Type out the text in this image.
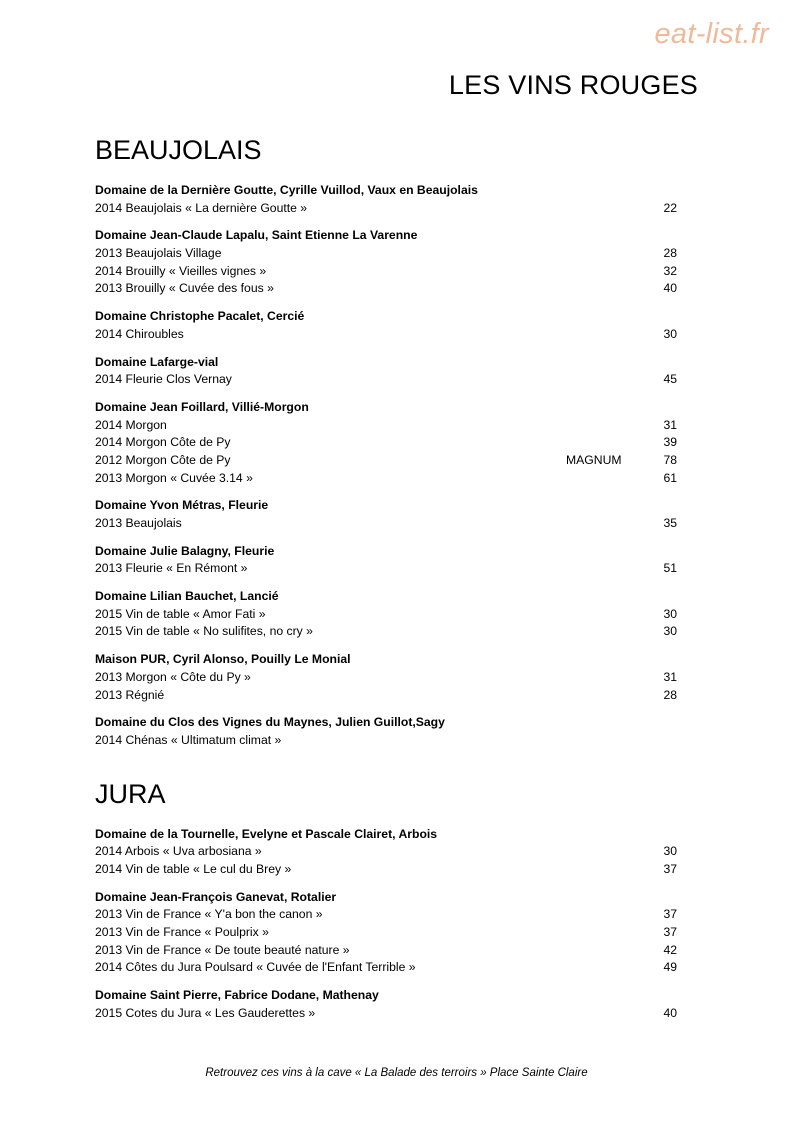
eat-list.fr
LES VINS ROUGES
BEAUJOLAIS
Domaine de la Dernière Goutte, Cyrille Vuillod, Vaux en Beaujolais
2014 Beaujolais « La dernière Goutte »	22
Domaine Jean-Claude Lapalu, Saint Etienne La Varenne
2013 Beaujolais Village	28
2014 Brouilly « Vieilles vignes »	32
2013 Brouilly « Cuvée des fous »	40
Domaine Christophe Pacalet, Cercié
2014 Chiroubles	30
Domaine Lafarge-vial
2014 Fleurie Clos Vernay	45
Domaine Jean Foillard, Villié-Morgon
2014 Morgon	31
2014 Morgon Côte de Py	39
2012 Morgon Côte de Py	MAGNUM	78
2013 Morgon « Cuvée 3.14 »	61
Domaine Yvon Métras, Fleurie
2013 Beaujolais	35
Domaine Julie Balagny, Fleurie
2013 Fleurie « En Rémont »	51
Domaine Lilian Bauchet, Lancié
2015 Vin de table « Amor Fati »	30
2015 Vin de table « No sulifites, no cry »	30
Maison PUR, Cyril Alonso, Pouilly Le Monial
2013 Morgon « Côte du Py »	31
2013 Régnié	28
Domaine du Clos des Vignes du Maynes, Julien Guillot,Sagy
2014 Chénas « Ultimatum climat »
JURA
Domaine de la Tournelle, Evelyne et Pascale Clairet, Arbois
2014 Arbois « Uva arbosiana »	30
2014 Vin de table « Le cul du Brey »	37
Domaine Jean-François Ganevat, Rotalier
2013 Vin de France « Y'a bon the canon »	37
2013 Vin de France « Poulprix »	37
2013 Vin de France « De toute beauté nature »	42
2014 Côtes du Jura Poulsard « Cuvée de l'Enfant Terrible »	49
Domaine Saint Pierre, Fabrice Dodane, Mathenay
2015 Cotes du Jura « Les Gauderettes »	40
Retrouvez ces vins à la cave « La Balade des terroirs » Place Sainte Claire
